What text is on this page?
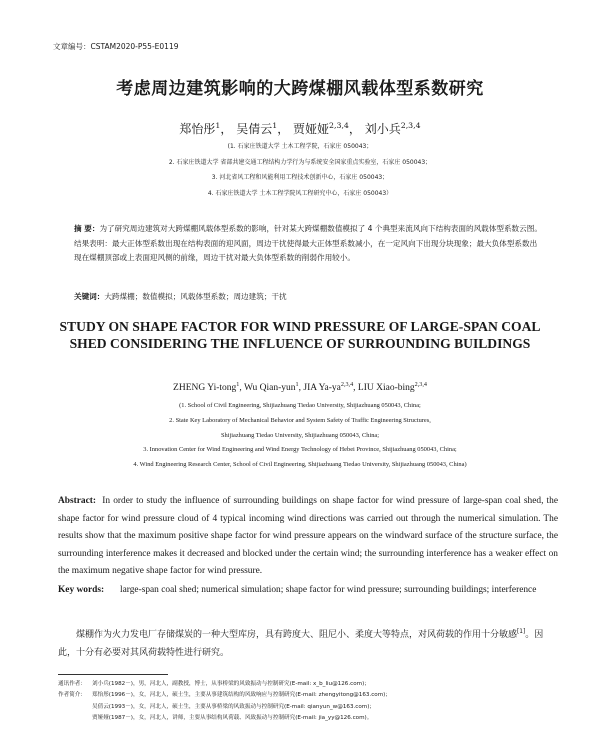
文章编号：CSTAM2020-P55-E0119
考虑周边建筑影响的大跨煤棚风载体型系数研究
郑怡彤$^1$， 吴倩云$^1$， 贾娅娅$^{2,3,4}$， 刘小兵$^{2,3,4}$
(1. 石家庄铁道大学 土木工程学院，石家庄 050043；
2. 石家庄铁道大学 省部共建交通工程结构力学行为与系统安全国家重点实验室，石家庄 050043；
3. 河北省风工程和风能利用工程技术创新中心，石家庄 050043；
4. 石家庄铁道大学 土木工程学院风工程研究中心，石家庄 050043）
摘 要：为了研究周边建筑对大跨煤棚风载体型系数的影响，针对某大跨煤棚数值模拟了 4 个典型来流风向下结构表面的风载体型系数云图。结果表明：最大正体型系数出现在结构表面的迎风面，周边干扰使得最大正体型系数减小，在一定风向下出现分块现象；最大负体型系数出现在煤棚顶部或上表面迎风侧的前缘，周边干扰对最大负体型系数的削弱作用较小。
关键词：大跨煤棚；数值模拟；风载体型系数；周边建筑；干扰
STUDY ON SHAPE FACTOR FOR WIND PRESSURE OF LARGE-SPAN COAL SHED CONSIDERING THE INFLUENCE OF SURROUNDING BUILDINGS
ZHENG Yi-tong$^1$, Wu Qian-yun$^1$, JIA Ya-ya$^{2,3,4}$, LIU Xiao-bing$^{2,3,4}$
(1. School of Civil Engineering, Shijiazhuang Tiedao University, Shijiazhuang 050043, China;
2. State Key Laboratory of Mechanical Behavior and System Safety of Traffic Engineering Structures,
Shijiazhuang Tiedao University, Shijiazhuang 050043, China;
3. Innovation Center for Wind Engineering and Wind Energy Technology of Hebei Province, Shijiazhuang 050043, China;
4. Wind Engineering Research Center, School of Civil Engineering, Shijiazhuang Tiedao University, Shijiazhuang 050043, China)
Abstract: In order to study the influence of surrounding buildings on shape factor for wind pressure of large-span coal shed, the shape factor for wind pressure cloud of 4 typical incoming wind directions was carried out through the numerical simulation. The results show that the maximum positive shape factor for wind pressure appears on the windward surface of the structure surface, the surrounding interference makes it decreased and blocked under the certain wind; the surrounding interference has a weaker effect on the maximum negative shape factor for wind pressure.
Key words:	large-span coal shed; numerical simulation; shape factor for wind pressure; surrounding buildings; interference
煤棚作为火力发电厂存储煤炭的一种大型库房，具有跨度大、阻尼小、柔度大等特点，对风荷载的作用十分敏感[1]。因此，十分有必要对其风荷载特性进行研究。
通讯作者： 刘小兵(1982－)，男，河北人，副教授，博士，从事桥梁的风致振动与控制研究(E-mail: x_b_liu@126.com)；
作者简介： 郑怡彤(1996－)，女，河北人，硕士生，主要从事建筑结构的风致响应与控制研究(E-mail: zhengyitong@163.com)；
吴倩云(1993－)，女，河北人，硕士生，主要从事桥梁的风致振动与控制研究(E-mail: qianyun_w@163.com)；
贾娅娅(1987－)，女，河北人，讲师，主要从事结构风荷载、风致振动与控制研究(E-mail: jia_yy@126.com)。
